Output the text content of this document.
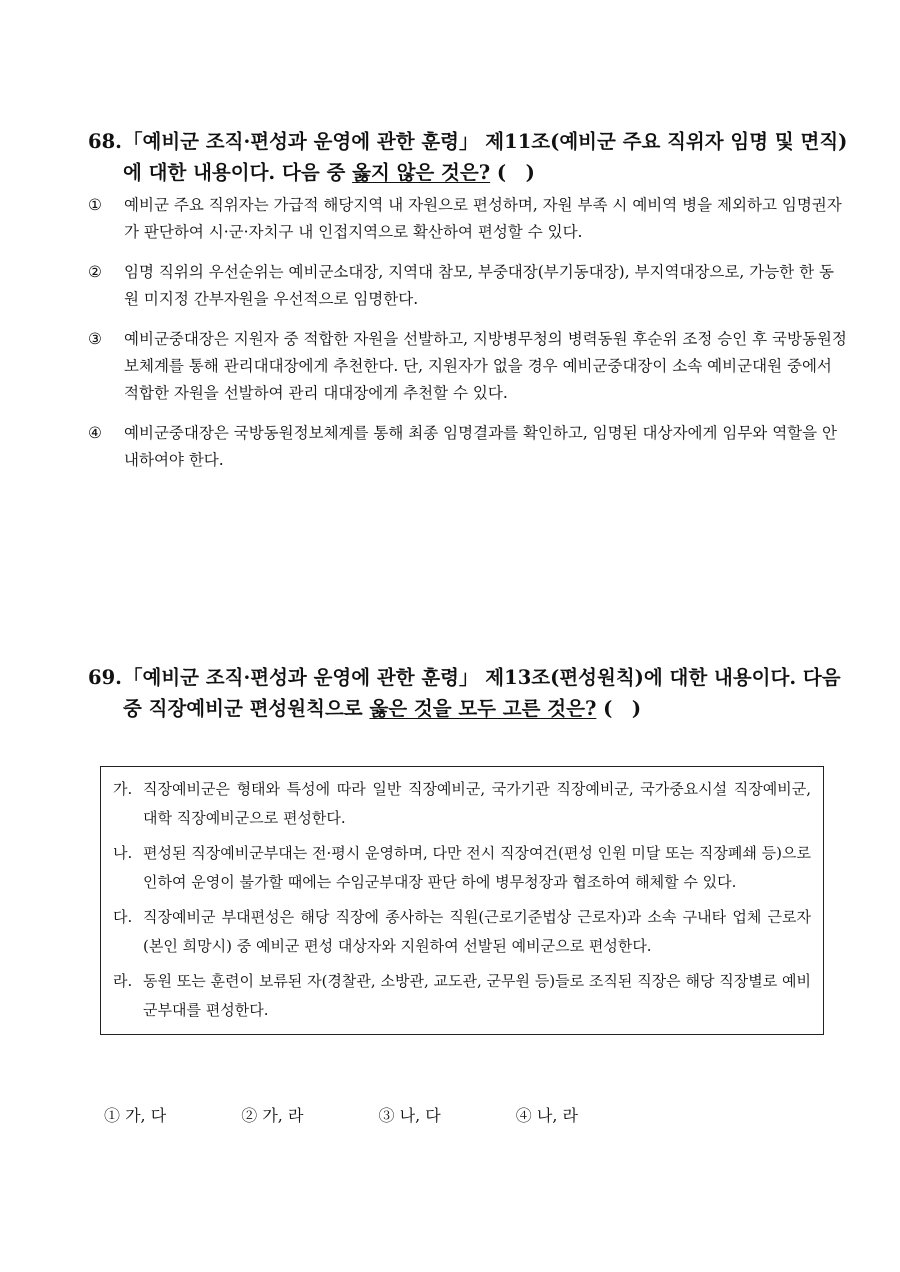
68. 「예비군 조직·편성과 운영에 관한 훈령」 제11조(예비군 주요 직위자 임명 및 면직)에 대한 내용이다. 다음 중 옳지 않은 것은? (　)
①	예비군 주요 직위자는 가급적 해당지역 내 자원으로 편성하며, 자원 부족 시 예비역 병을 제외하고 임명권자가 판단하여 시·군·자치구 내 인접지역으로 확산하여 편성할 수 있다.
②	임명 직위의 우선순위는 예비군소대장, 지역대 참모, 부중대장(부기동대장), 부지역대장으로, 가능한 한 동원 미지정 간부자원을 우선적으로 임명한다.
③	예비군중대장은 지원자 중 적합한 자원을 선발하고, 지방병무청의 병력동원 후순위 조정 승인 후 국방동원정보체계를 통해 관리대대장에게 추천한다. 단, 지원자가 없을 경우 예비군중대장이 소속 예비군대원 중에서 적합한 자원을 선발하여 관리 대대장에게 추천할 수 있다.
④	예비군중대장은 국방동원정보체계를 통해 최종 임명결과를 확인하고, 임명된 대상자에게 임무와 역할을 안내하여야 한다.
69. 「예비군 조직·편성과 운영에 관한 훈령」 제13조(편성원칙)에 대한 내용이다. 다음 중 직장예비군 편성원칙으로 옳은 것을 모두 고른 것은? (　)
가. 직장예비군은 형태와 특성에 따라 일반 직장예비군, 국가기관 직장예비군, 국가중요시설 직장예비군, 대학 직장예비군으로 편성한다.
나. 편성된 직장예비군부대는 전·평시 운영하며, 다만 전시 직장여건(편성 인원 미달 또는 직장폐쇄 등)으로 인하여 운영이 불가할 때에는 수임군부대장 판단 하에 병무청장과 협조하여 해체할 수 있다.
다. 직장예비군 부대편성은 해당 직장에 종사하는 직원(근로기준법상 근로자)과 소속 구내타 업체 근로자(본인 희망시) 중 예비군 편성 대상자와 지원하여 선발된 예비군으로 편성한다.
라. 동원 또는 훈련이 보류된 자(경찰관, 소방관, 교도관, 군무원 등)들로 조직된 직장은 해당 직장별로 예비군부대를 편성한다.
① 가, 다	② 가, 라	③ 나, 다	④ 나, 라
